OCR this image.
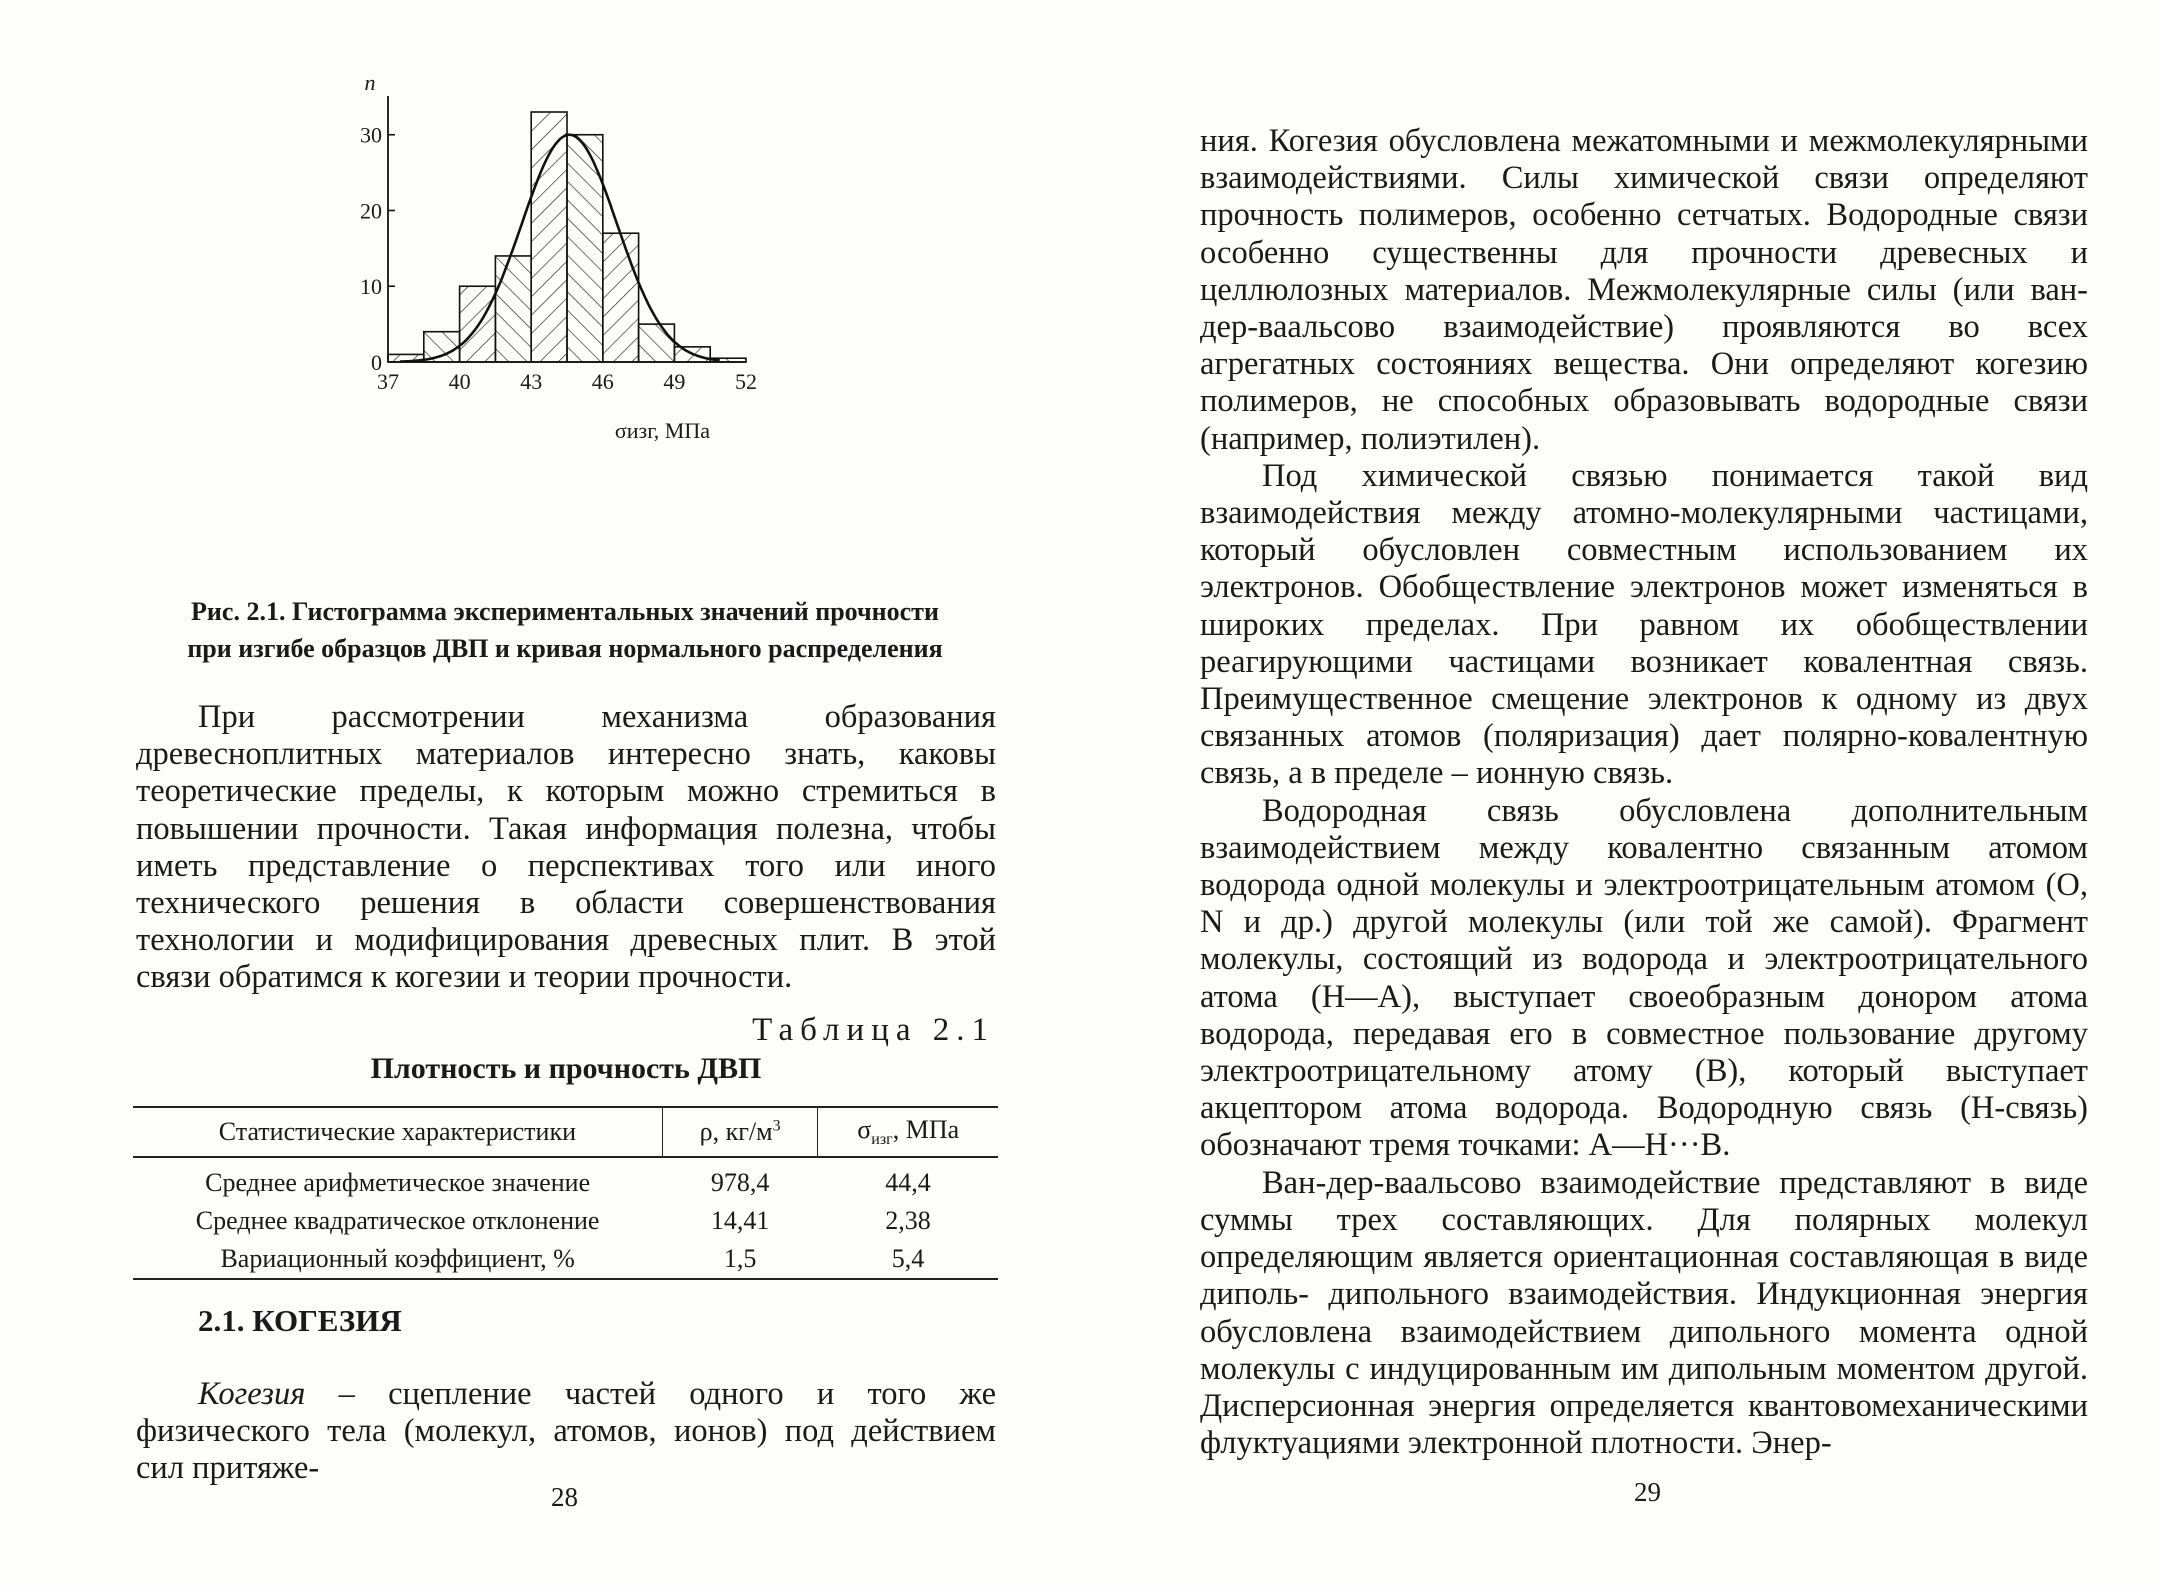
0
10
20
30
37 40 43 46 49 52
n
σизг, МПа
Рис. 2.1. Гистограмма экспериментальных значений прочности
при изгибе образцов ДВП и кривая нормального распределения

При рассмотрении механизма образования древесноплитных материалов интересно знать, каковы теоретические пределы, к которым можно стремиться в повышении прочности. Такая информация полезна, чтобы иметь представление о перспективах того или иного технического решения в области совершенствования технологии и модифицирования древесных плит. В этой связи обратимся к когезии и теории прочности.

Таблица 2.1
Плотность и прочность ДВП
Статистические характеристики	ρ, $кг/м^3$	$\sigma_{изг}$, МПа
Среднее арифметическое значение	978,4	44,4
Среднее квадратическое отклонение	14,41	2,38
Вариационный коэффициент, %	1,5	5,4
2.1. КОГЕЗИЯ

Когезия – сцепление частей одного и того же физического тела (молекул, атомов, ионов) под действием сил притяже-

28

ния. Когезия обусловлена межатомными и межмолекулярными взаимодействиями. Силы химической связи определяют прочность полимеров, особенно сетчатых. Водородные связи особенно существенны для прочности древесных и целлюлозных материалов. Межмолекулярные силы (или ван-дер-ваальсово взаимодействие) проявляются во всех агрегатных состояниях вещества. Они определяют когезию полимеров, не способных образовывать водородные связи (например, полиэтилен).

Под химической связью понимается такой вид взаимодействия между атомно-молекулярными частицами, который обусловлен совместным использованием их электронов. Обобществление электронов может изменяться в широких пределах. При равном их обобществлении реагирующими частицами возникает ковалентная связь. Преимущественное смещение электронов к одному из двух связанных атомов (поляризация) дает полярно-ковалентную связь, а в пределе – ионную связь.

Водородная связь обусловлена дополнительным взаимодействием между ковалентно связанным атомом водорода одной молекулы и электроотрицательным атомом (O, N и др.) другой молекулы (или той же самой). Фрагмент молекулы, состоящий из водорода и электроотрицательного атома (H—A), выступает своеобразным донором атома водорода, передавая его в совместное пользование другому электроотрицательному атому (B), который выступает акцептором атома водорода. Водородную связь (H-связь) обозначают тремя точками: A—H···B.

Ван-дер-ваальсово взаимодействие представляют в виде суммы трех составляющих. Для полярных молекул определяющим является ориентационная составляющая в виде диполь- дипольного взаимодействия. Индукционная энергия обусловлена взаимодействием дипольного момента одной молекулы с индуцированным им дипольным моментом другой. Дисперсионная энергия определяется квантовомеханическими флуктуациями электронной плотности. Энер-

29
